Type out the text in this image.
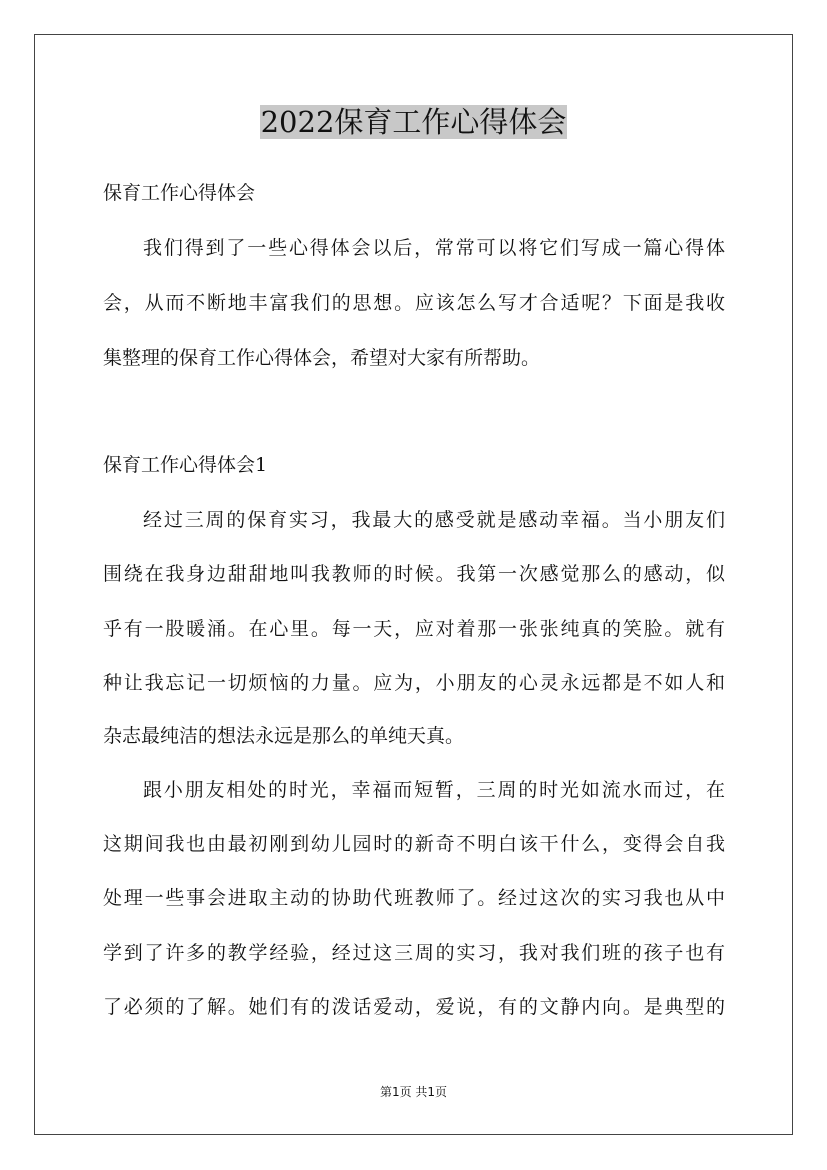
2022保育工作心得体会
保育工作心得体会
我们得到了一些心得体会以后，常常可以将它们写成一篇心得体
会，从而不断地丰富我们的思想。应该怎么写才合适呢？下面是我收
集整理的保育工作心得体会，希望对大家有所帮助。
保育工作心得体会1
经过三周的保育实习，我最大的感受就是感动幸福。当小朋友们
围绕在我身边甜甜地叫我教师的时候。我第一次感觉那么的感动，似
乎有一股暖涌。在心里。每一天，应对着那一张张纯真的笑脸。就有
种让我忘记一切烦恼的力量。应为，小朋友的心灵永远都是不如人和
杂志最纯洁的想法永远是那么的单纯天真。
跟小朋友相处的时光，幸福而短暂，三周的时光如流水而过，在
这期间我也由最初刚到幼儿园时的新奇不明白该干什么，变得会自我
处理一些事会进取主动的协助代班教师了。经过这次的实习我也从中
学到了许多的教学经验，经过这三周的实习，我对我们班的孩子也有
了必须的了解。她们有的泼话爱动，爱说，有的文静内向。是典型的
第1页 共1页
